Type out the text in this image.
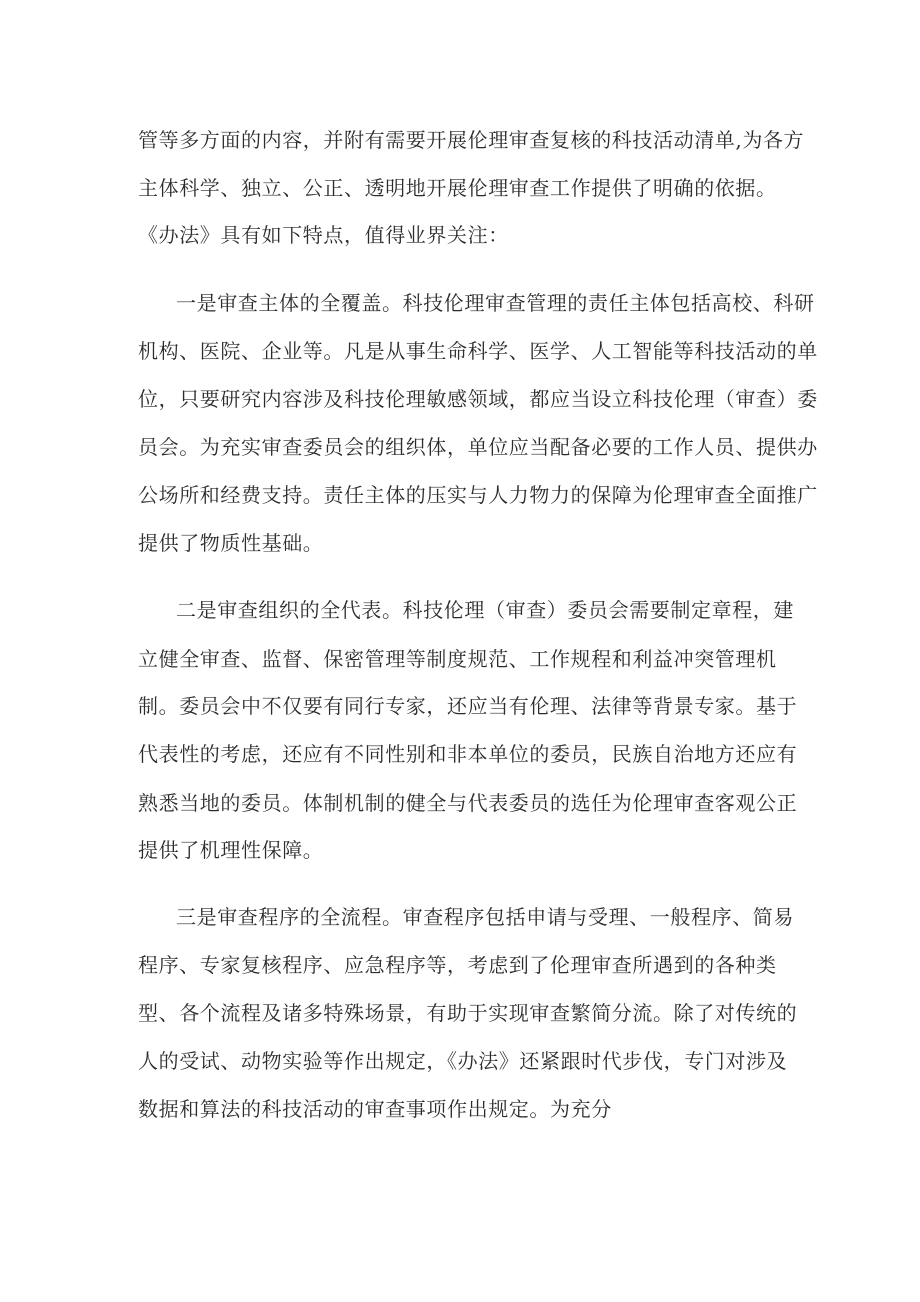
管等多方面的内容，并附有需要开展伦理审查复核的科技活动清单,为各方
主体科学、独立、公正、透明地开展伦理审查工作提供了明确的依据。
《办法》具有如下特点，值得业界关注：
一是审查主体的全覆盖。科技伦理审查管理的责任主体包括高校、科研
机构、医院、企业等。凡是从事生命科学、医学、人工智能等科技活动的单
位，只要研究内容涉及科技伦理敏感领域，都应当设立科技伦理（审查）委
员会。为充实审查委员会的组织体，单位应当配备必要的工作人员、提供办
公场所和经费支持。责任主体的压实与人力物力的保障为伦理审查全面推广
提供了物质性基础。
二是审查组织的全代表。科技伦理（审查）委员会需要制定章程，建
立健全审查、监督、保密管理等制度规范、工作规程和利益冲突管理机
制。委员会中不仅要有同行专家，还应当有伦理、法律等背景专家。基于
代表性的考虑，还应有不同性别和非本单位的委员，民族自治地方还应有
熟悉当地的委员。体制机制的健全与代表委员的选任为伦理审查客观公正
提供了机理性保障。
三是审查程序的全流程。审查程序包括申请与受理、一般程序、简易
程序、专家复核程序、应急程序等，考虑到了伦理审查所遇到的各种类
型、各个流程及诸多特殊场景，有助于实现审查繁简分流。除了对传统的
人的受试、动物实验等作出规定，《办法》还紧跟时代步伐，专门对涉及
数据和算法的科技活动的审查事项作出规定。为充分
